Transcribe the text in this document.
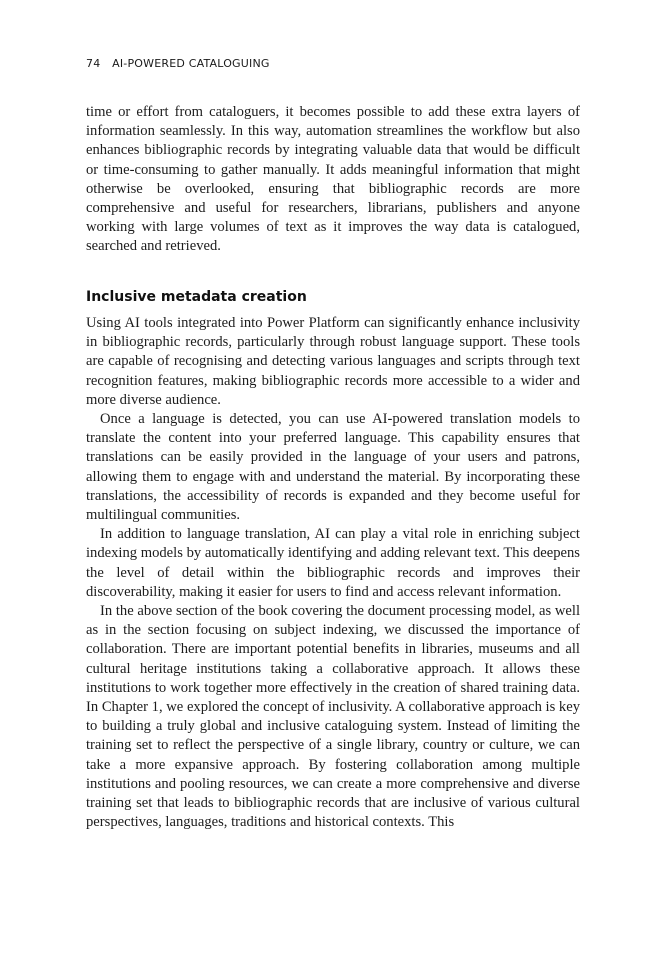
74 AI-POWERED CATALOGUING

time or effort from cataloguers, it becomes possible to add these extra layers of information seamlessly. In this way, automation streamlines the workflow but also enhances bibliographic records by integrating valuable data that would be difficult or time-consuming to gather manually. It adds meaningful information that might otherwise be overlooked, ensuring that bibliographic records are more comprehensive and useful for researchers, librarians, publishers and anyone working with large volumes of text as it improves the way data is catalogued, searched and retrieved.

Inclusive metadata creation

Using AI tools integrated into Power Platform can significantly enhance inclusivity in bibliographic records, particularly through robust language support. These tools are capable of recognising and detecting various languages and scripts through text recognition features, making bibliographic records more accessible to a wider and more diverse audience.

Once a language is detected, you can use AI-powered translation models to translate the content into your preferred language. This capability ensures that translations can be easily provided in the language of your users and patrons, allowing them to engage with and understand the material. By incorporating these translations, the accessibility of records is expanded and they become useful for multilingual communities.

In addition to language translation, AI can play a vital role in enriching subject indexing models by automatically identifying and adding relevant text. This deepens the level of detail within the bibliographic records and improves their discoverability, making it easier for users to find and access relevant information.

In the above section of the book covering the document processing model, as well as in the section focusing on subject indexing, we discussed the importance of collaboration. There are important potential benefits in libraries, museums and all cultural heritage institutions taking a collaborative approach. It allows these institutions to work together more effectively in the creation of shared training data. In Chapter 1, we explored the concept of inclusivity. A collaborative approach is key to building a truly global and inclusive cataloguing system. Instead of limiting the training set to reflect the perspective of a single library, country or culture, we can take a more expansive approach. By fostering collaboration among multiple institutions and pooling resources, we can create a more comprehensive and diverse training set that leads to bibliographic records that are inclusive of various cultural perspectives, languages, traditions and historical contexts. This
